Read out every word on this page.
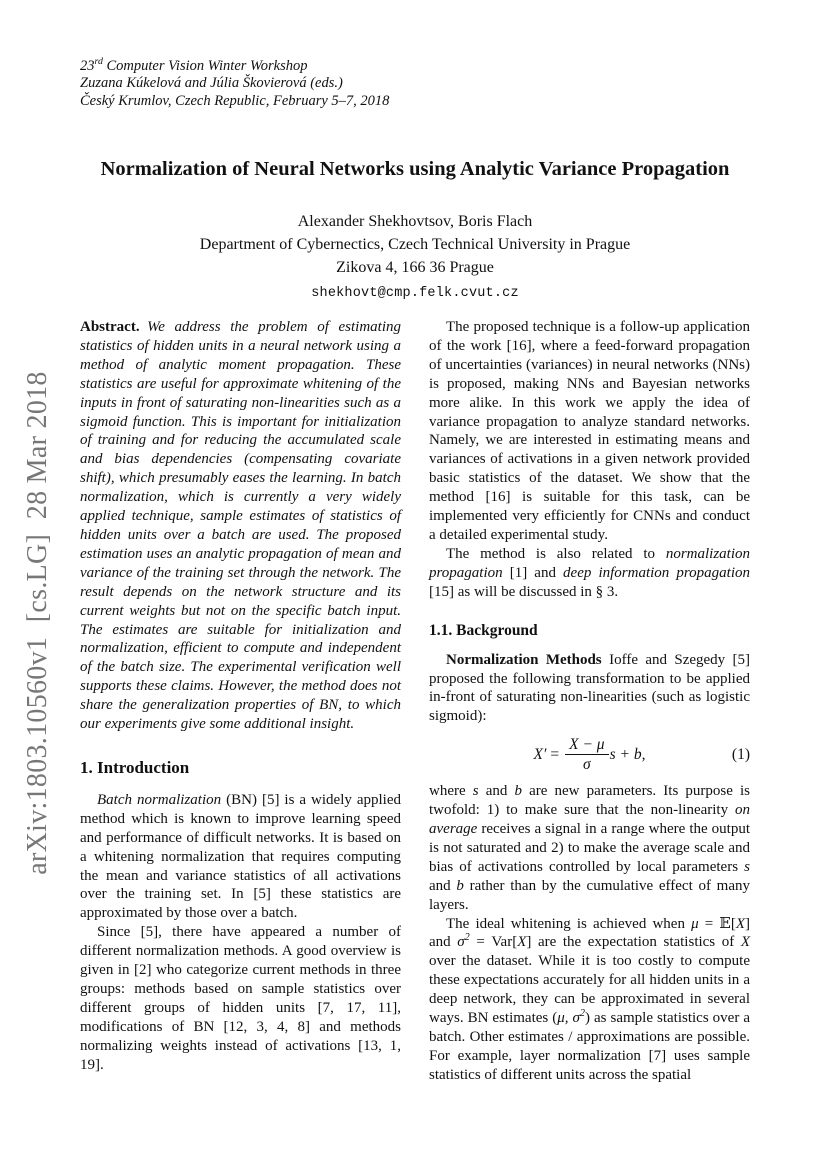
arXiv:1803.10560v1  [cs.LG]  28 Mar 2018
23rd Computer Vision Winter Workshop
Zuzana Kúkelová and Júlia Škovierová (eds.)
Český Krumlov, Czech Republic, February 5–7, 2018
Normalization of Neural Networks using Analytic Variance Propagation
Alexander Shekhovtsov, Boris Flach
Department of Cybernectics, Czech Technical University in Prague
Zikova 4, 166 36 Prague
shekhovt@cmp.felk.cvut.cz

Abstract. We address the problem of estimating statistics of hidden units in a neural network using a method of analytic moment propagation. These statistics are useful for approximate whitening of the inputs in front of saturating non-linearities such as a sigmoid function. This is important for initialization of training and for reducing the accumulated scale and bias dependencies (compensating covariate shift), which presumably eases the learning. In batch normalization, which is currently a very widely applied technique, sample estimates of statistics of hidden units over a batch are used. The proposed estimation uses an analytic propagation of mean and variance of the training set through the network. The result depends on the network structure and its current weights but not on the specific batch input. The estimates are suitable for initialization and normalization, efficient to compute and independent of the batch size. The experimental verification well supports these claims. However, the method does not share the generalization properties of BN, to which our experiments give some additional insight.

1. Introduction

Batch normalization (BN) [5] is a widely applied method which is known to improve learning speed and performance of difficult networks. It is based on a whitening normalization that requires computing the mean and variance statistics of all activations over the training set. In [5] these statistics are approximated by those over a batch.

Since [5], there have appeared a number of different normalization methods. A good overview is given in [2] who categorize current methods in three groups: methods based on sample statistics over different groups of hidden units [7, 17, 11], modifications of BN [12, 3, 4, 8] and methods normalizing weights instead of activations [13, 1, 19].

The proposed technique is a follow-up application of the work [16], where a feed-forward propagation of uncertainties (variances) in neural networks (NNs) is proposed, making NNs and Bayesian networks more alike. In this work we apply the idea of variance propagation to analyze standard networks. Namely, we are interested in estimating means and variances of activations in a given network provided basic statistics of the dataset. We show that the method [16] is suitable for this task, can be implemented very efficiently for CNNs and conduct a detailed experimental study.

The method is also related to normalization propagation [1] and deep information propagation [15] as will be discussed in § 3.

1.1. Background

Normalization Methods Ioffe and Szegedy [5] proposed the following transformation to be applied in-front of saturating non-linearities (such as logistic sigmoid):

$X' = \frac{X - \mu}{\sigma}$ s + b,	(1)

where s and b are new parameters. Its purpose is twofold: 1) to make sure that the non-linearity on average receives a signal in a range where the output is not saturated and 2) to make the average scale and bias of activations controlled by local parameters s and b rather than by the cumulative effect of many layers.

The ideal whitening is achieved when μ = 𝔼[X] and $\sigma^2 = Var[X]$ are the expectation statistics of X over the dataset. While it is too costly to compute these expectations accurately for all hidden units in a deep network, they can be approximated in several ways. BN estimates (μ, $\sigma^2$) as sample statistics over a batch. Other estimates / approximations are possible. For example, layer normalization [7] uses sample statistics of different units across the spatial
